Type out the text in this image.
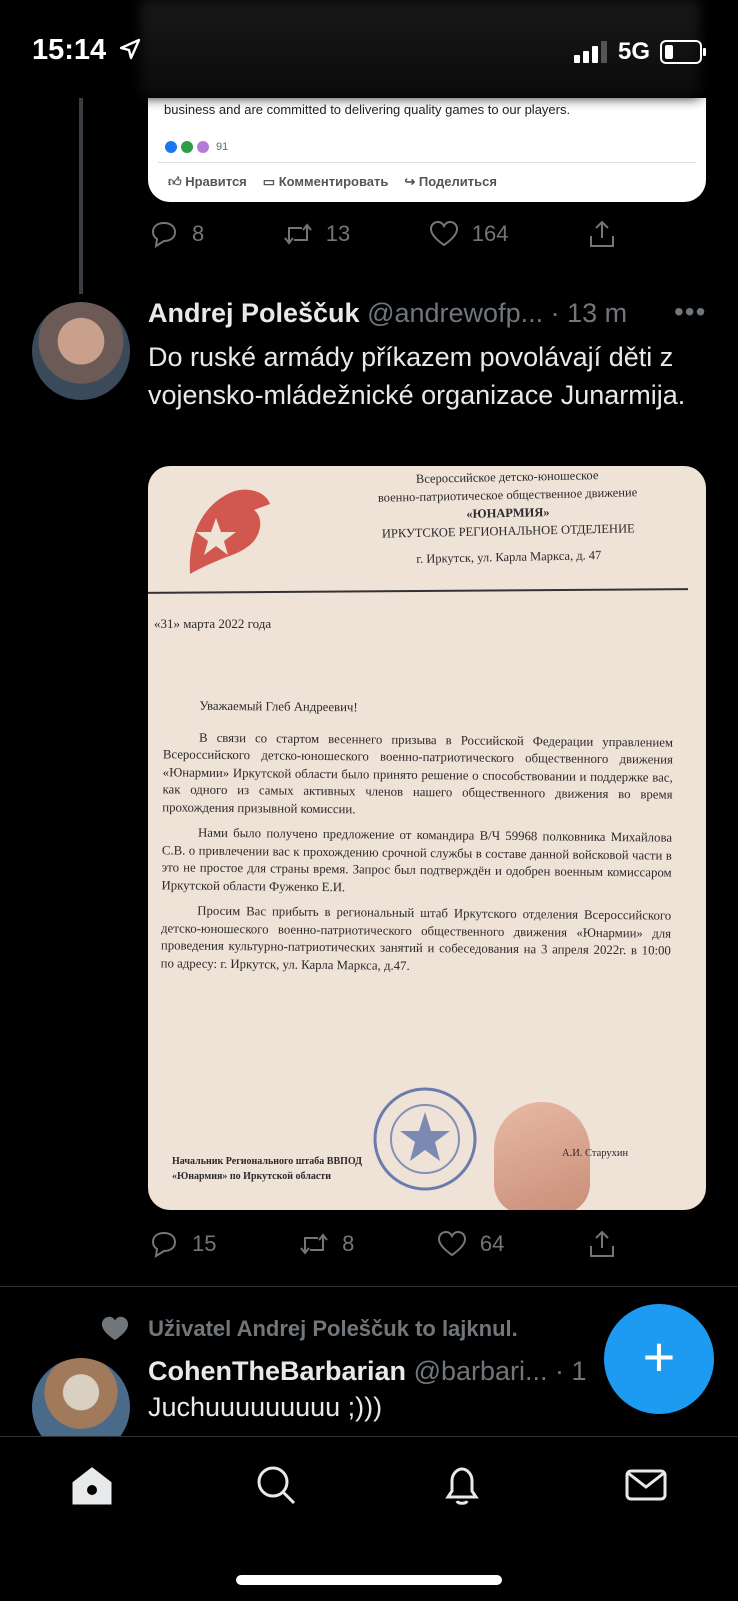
15:14	5G
business and are committed to delivering quality games to our players.
91
👍︎ Нравится ▭ Комментировать ↪ Поделиться
8	13	164
Andrej Poleščuk @andrewofp... · 13 m •••
Do ruské armády příkazem povolávají děti z vojensko-mládežnické organizace Junarmija.
Всероссийское детско-юношеское
военно-патриотическое общественное движение
«ЮНАРМИЯ»
ИРКУТСКОЕ РЕГИОНАЛЬНОЕ ОТДЕЛЕНИЕ
г. Иркутск, ул. Карла Маркса, д. 47
«31» марта 2022 года

Уважаемый Глеб Андреевич!

В связи со стартом весеннего призыва в Российской Федерации управлением Всероссийского детско-юношеского военно-патриотического общественного движения «Юнармии» Иркутской области было принято решение о способствовании и поддержке вас, как одного из самых активных членов нашего общественного движения во время прохождения призывной комиссии.

Нами было получено предложение от командира В/Ч 59968 полковника Михайлова С.В. о привлечении вас к прохождению срочной службы в составе данной войсковой части в это не простое для страны время. Запрос был подтверждён и одобрен военным комиссаром Иркутской области Фуженко Е.И.

Просим Вас прибыть в региональный штаб Иркутского отделения Всероссийского детско-юношеского военно-патриотического общественного движения «Юнармии» для проведения культурно-патриотических занятий и собеседования на 3 апреля 2022г. в 10:00 по адресу: г. Иркутск, ул. Карла Маркса, д.47.

Начальник Регионального штаба ВВПОД
«Юнармия» по Иркутской области
А.И. Старухин
15	8	64
Uživatel Andrej Poleščuk to lajknul.
CohenTheBarbarian @barbari... · 1
Juchuuuuuuuuu ;)))
+
